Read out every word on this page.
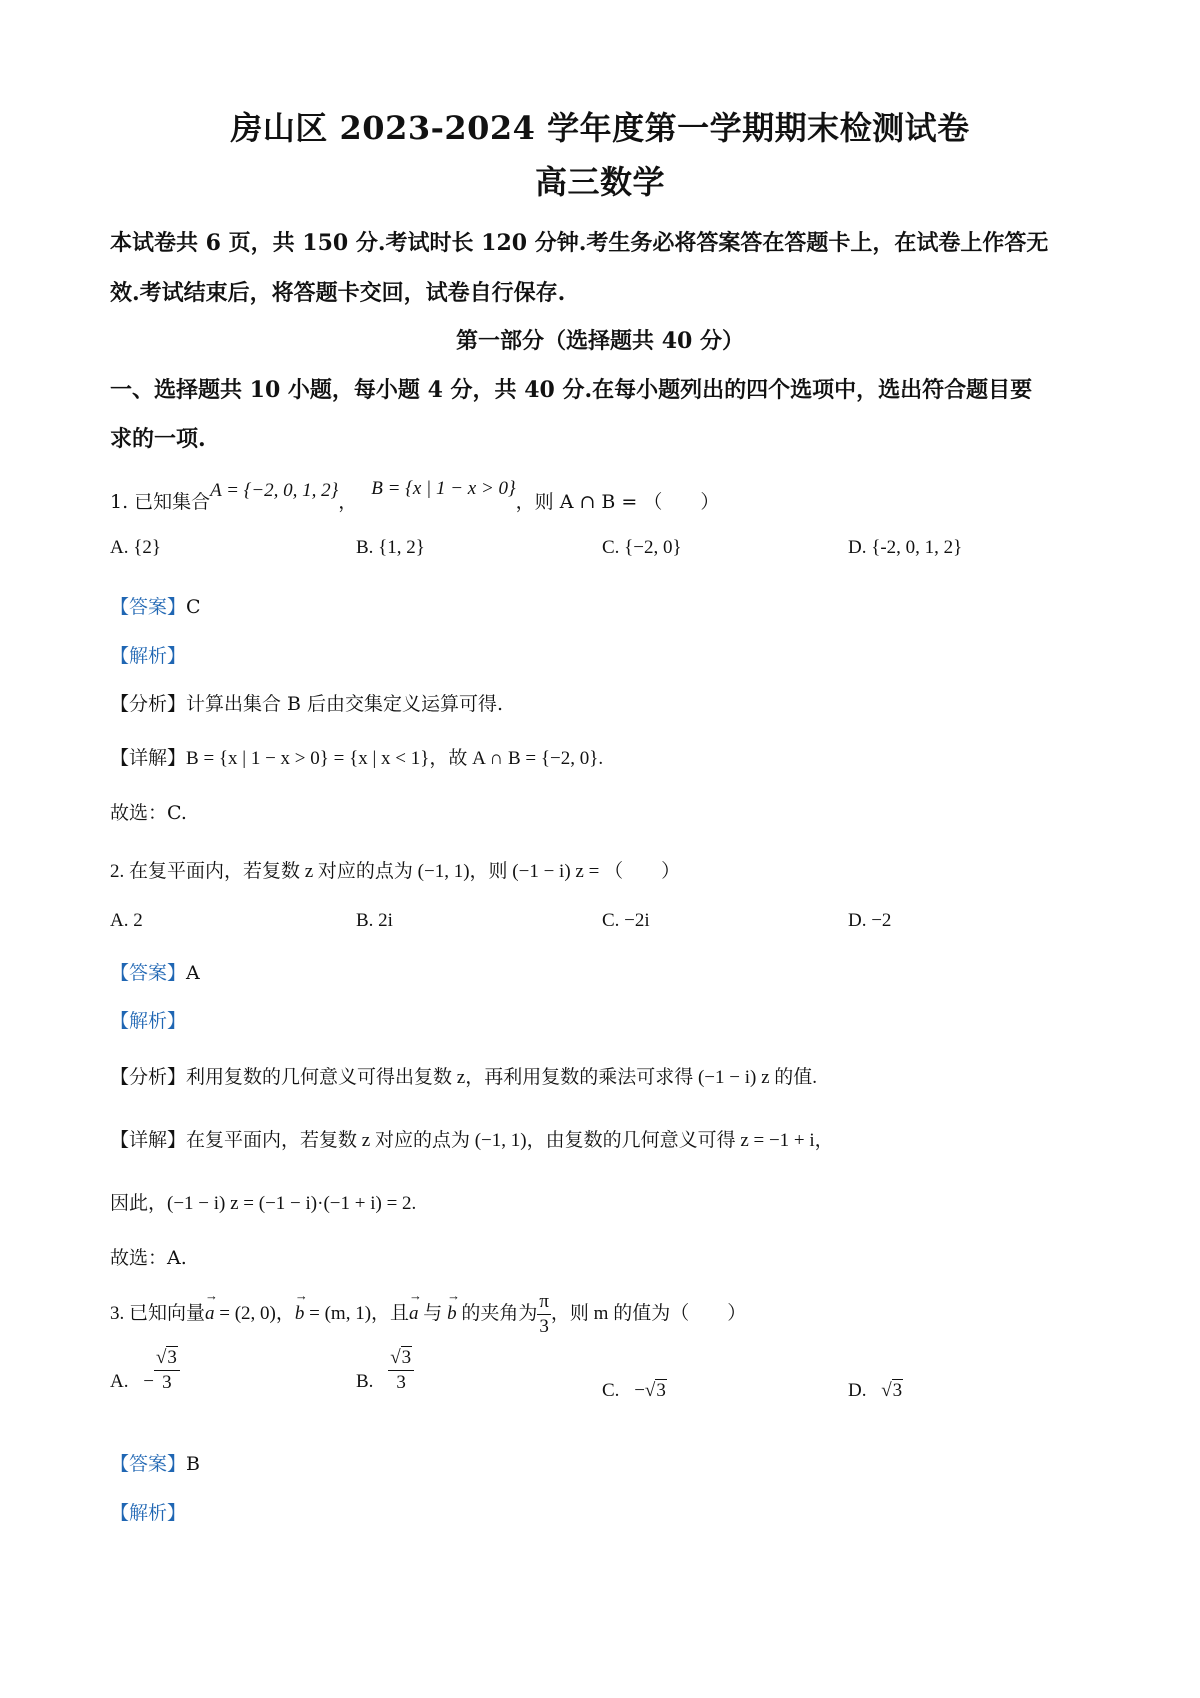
房山区 2023-2024 学年度第一学期期末检测试卷
高三数学
本试卷共 6 页，共 150 分.考试时长 120 分钟.考生务必将答案答在答题卡上，在试卷上作答无
效.考试结束后，将答题卡交回，试卷自行保存.
第一部分（选择题共 40 分）
一、选择题共 10 小题，每小题 4 分，共 40 分.在每小题列出的四个选项中，选出符合题目要
求的一项.
1. 已知集合A = {−2, 0, 1, 2}，B = {x | 1 − x > 0}，则 A ∩ B = （　　）
A. {2}	B. {1, 2}	C. {−2, 0}	D. {-2, 0, 1, 2}
【答案】C
【解析】
【分析】计算出集合 B 后由交集定义运算可得.
【详解】B = {x | 1 − x > 0} = {x | x < 1}，故 A ∩ B = {−2, 0}.
故选：C.
2. 在复平面内，若复数 z 对应的点为 (−1, 1)，则 (−1 − i) z = （　　）
A. 2	B. 2i	C. −2i	D. −2
【答案】A
【解析】
【分析】利用复数的几何意义可得出复数 z，再利用复数的乘法可求得 (−1 − i) z 的值.
【详解】在复平面内，若复数 z 对应的点为 (−1, 1)，由复数的几何意义可得 z = −1 + i，
因此，(−1 − i) z = (−1 − i)·(−1 + i) = 2.
故选：A.
3. 已知向量→ a = (2, 0)，→ b = (m, 1)，且→ a 与 → b 的夹角为 $\frac{\pi}{3}$ ，则 m 的值为（　　）
A. − $\frac{√3}{3}$	B. $\frac{√3}{3}$	C. −√3	D. √3
【答案】B
【解析】
